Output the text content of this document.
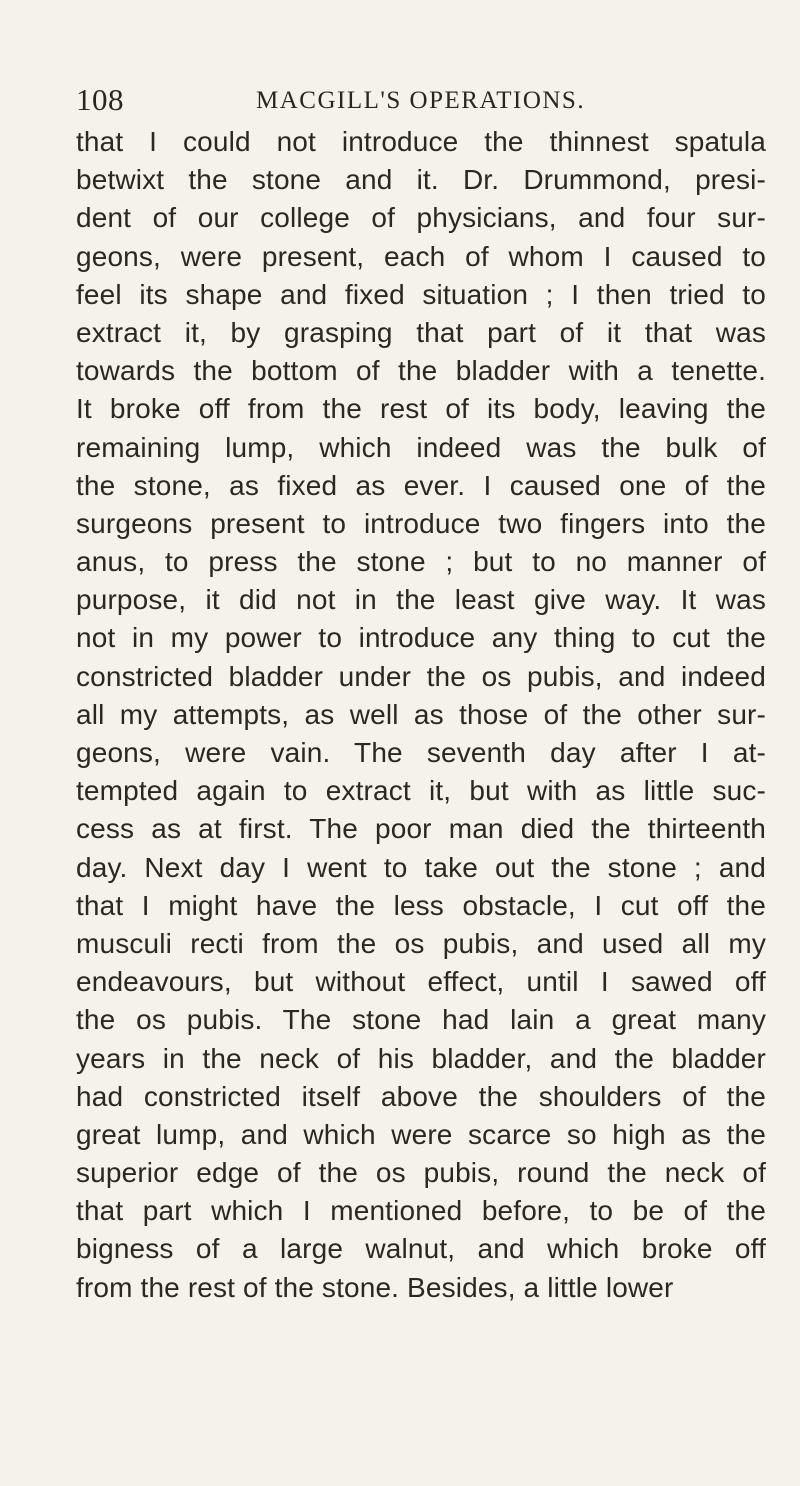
108	MACGILL'S OPERATIONS.
that I could not introduce the thinnest spatula
betwixt the stone and it. Dr. Drummond, presi-
dent of our college of physicians, and four sur-
geons, were present, each of whom I caused to
feel its shape and fixed situation ; I then tried to
extract it, by grasping that part of it that was
towards the bottom of the bladder with a tenette.
It broke off from the rest of its body, leaving the
remaining lump, which indeed was the bulk of
the stone, as fixed as ever. I caused one of the
surgeons present to introduce two fingers into the
anus, to press the stone ; but to no manner of
purpose, it did not in the least give way. It was
not in my power to introduce any thing to cut the
constricted bladder under the os pubis, and indeed
all my attempts, as well as those of the other sur-
geons, were vain. The seventh day after I at-
tempted again to extract it, but with as little suc-
cess as at first. The poor man died the thirteenth
day. Next day I went to take out the stone ; and
that I might have the less obstacle, I cut off the
musculi recti from the os pubis, and used all my
endeavours, but without effect, until I sawed off
the os pubis. The stone had lain a great many
years in the neck of his bladder, and the bladder
had constricted itself above the shoulders of the
great lump, and which were scarce so high as the
superior edge of the os pubis, round the neck of
that part which I mentioned before, to be of the
bigness of a large walnut, and which broke off
from the rest of the stone. Besides, a little lower
